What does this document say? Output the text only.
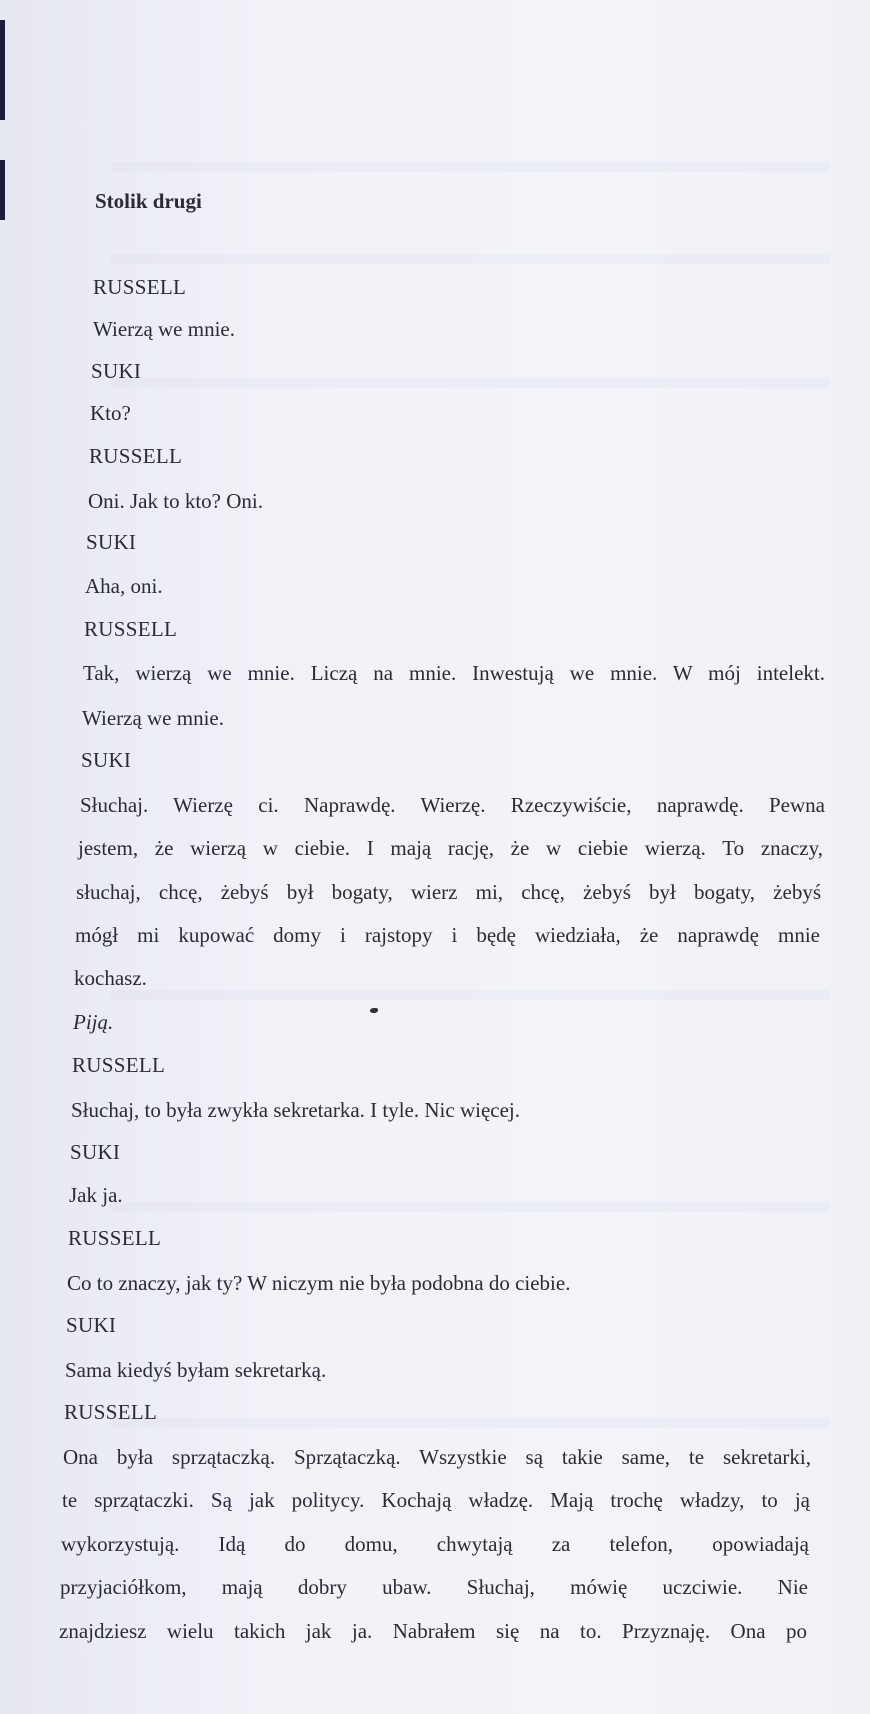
Stolik drugi
RUSSELL
Wierzą we mnie.
SUKI
Kto?
RUSSELL
Oni. Jak to kto? Oni.
SUKI
Aha, oni.
RUSSELL
Tak, wierzą we mnie. Liczą na mnie. Inwestują we mnie. W mój intelekt.
Wierzą we mnie.
SUKI
Słuchaj. Wierzę ci. Naprawdę. Wierzę. Rzeczywiście, naprawdę. Pewna
jestem, że wierzą w ciebie. I mają rację, że w ciebie wierzą. To znaczy,
słuchaj, chcę, żebyś był bogaty, wierz mi, chcę, żebyś był bogaty, żebyś
mógł mi kupować domy i rajstopy i będę wiedziała, że naprawdę mnie
kochasz.
Piją.
RUSSELL
Słuchaj, to była zwykła sekretarka. I tyle. Nic więcej.
SUKI
Jak ja.
RUSSELL
Co to znaczy, jak ty? W niczym nie była podobna do ciebie.
SUKI
Sama kiedyś byłam sekretarką.
RUSSELL
Ona była sprzątaczką. Sprzątaczką. Wszystkie są takie same, te sekretarki,
te sprzątaczki. Są jak politycy. Kochają władzę. Mają trochę władzy, to ją
wykorzystują. Idą do domu, chwytają za telefon, opowiadają
przyjaciółkom, mają dobry ubaw. Słuchaj, mówię uczciwie. Nie
znajdziesz wielu takich jak ja. Nabrałem się na to. Przyznaję. Ona po
